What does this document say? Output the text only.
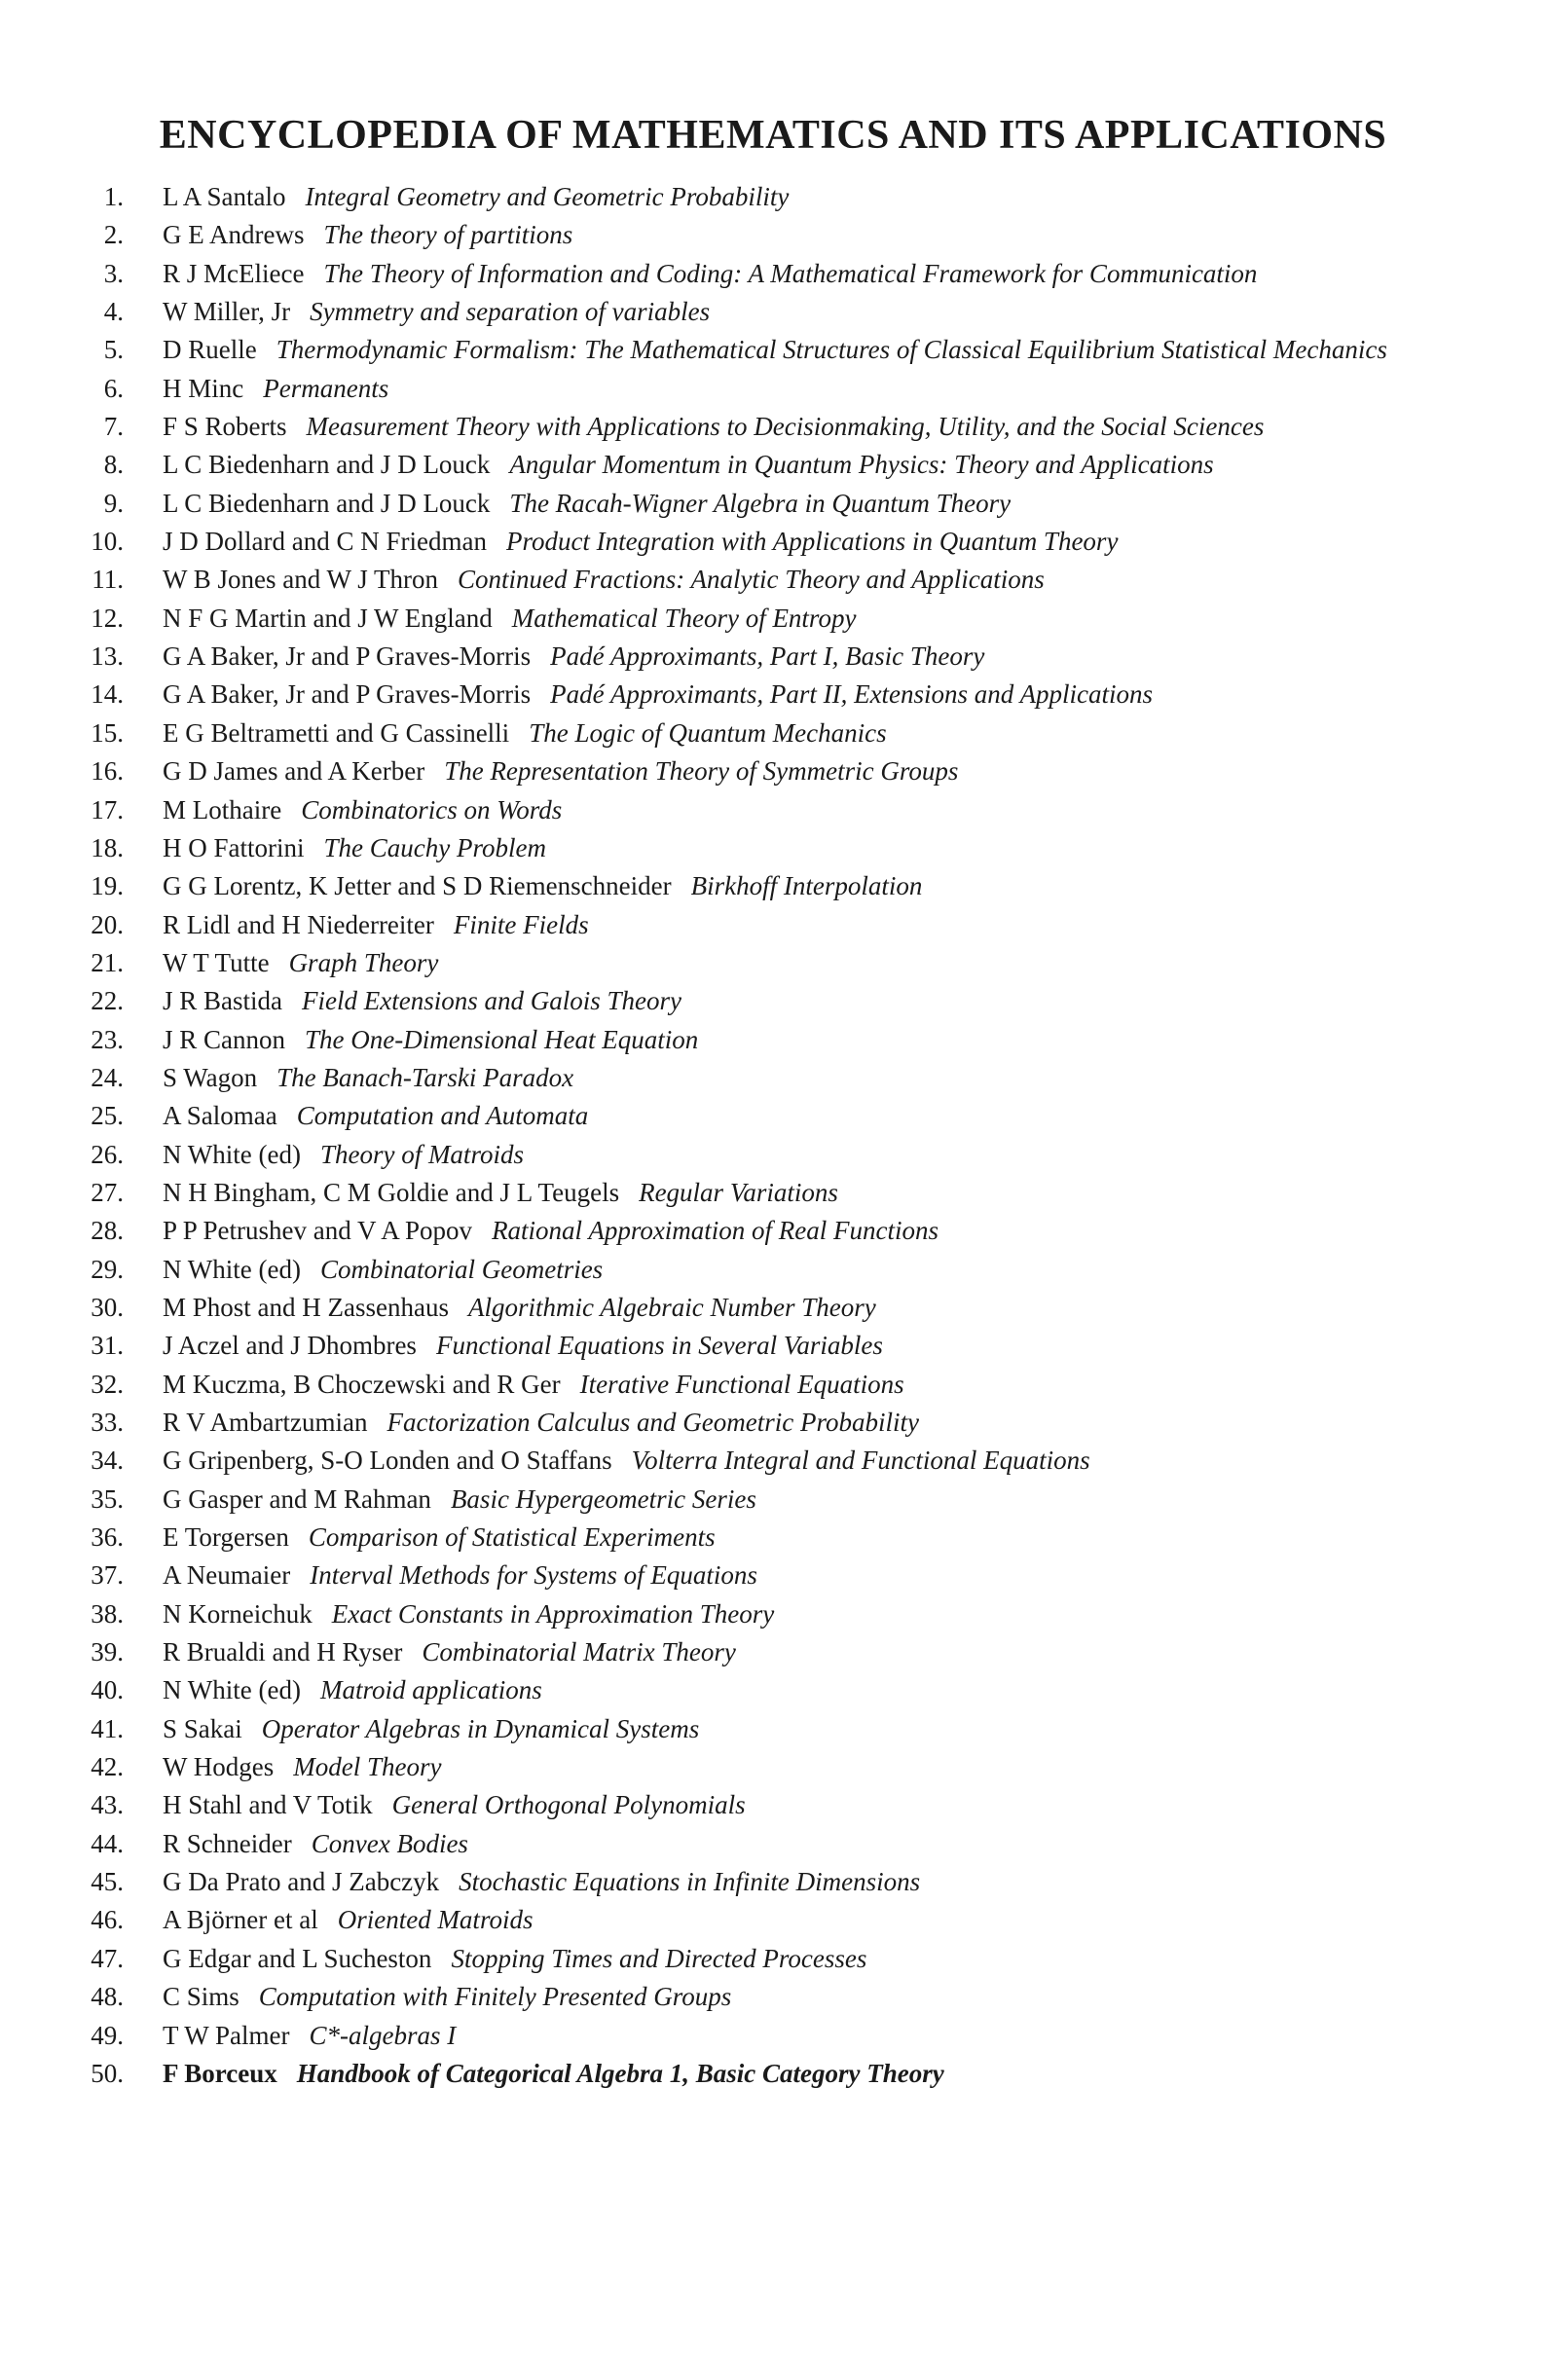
ENCYCLOPEDIA OF MATHEMATICS AND ITS APPLICATIONS
1. L A Santalo Integral Geometry and Geometric Probability
2. G E Andrews The theory of partitions
3. R J McEliece The Theory of Information and Coding: A Mathematical Framework for Communication
4. W Miller, Jr Symmetry and separation of variables
5. D Ruelle Thermodynamic Formalism: The Mathematical Structures of Classical Equilibrium Statistical Mechanics
6. H Minc Permanents
7. F S Roberts Measurement Theory with Applications to Decisionmaking, Utility, and the Social Sciences
8. L C Biedenharn and J D Louck Angular Momentum in Quantum Physics: Theory and Applications
9. L C Biedenharn and J D Louck The Racah-Wigner Algebra in Quantum Theory
10. J D Dollard and C N Friedman Product Integration with Applications in Quantum Theory
11. W B Jones and W J Thron Continued Fractions: Analytic Theory and Applications
12. N F G Martin and J W England Mathematical Theory of Entropy
13. G A Baker, Jr and P Graves-Morris Padé Approximants, Part I, Basic Theory
14. G A Baker, Jr and P Graves-Morris Padé Approximants, Part II, Extensions and Applications
15. E G Beltrametti and G Cassinelli The Logic of Quantum Mechanics
16. G D James and A Kerber The Representation Theory of Symmetric Groups
17. M Lothaire Combinatorics on Words
18. H O Fattorini The Cauchy Problem
19. G G Lorentz, K Jetter and S D Riemenschneider Birkhoff Interpolation
20. R Lidl and H Niederreiter Finite Fields
21. W T Tutte Graph Theory
22. J R Bastida Field Extensions and Galois Theory
23. J R Cannon The One-Dimensional Heat Equation
24. S Wagon The Banach-Tarski Paradox
25. A Salomaa Computation and Automata
26. N White (ed) Theory of Matroids
27. N H Bingham, C M Goldie and J L Teugels Regular Variations
28. P P Petrushev and V A Popov Rational Approximation of Real Functions
29. N White (ed) Combinatorial Geometries
30. M Phost and H Zassenhaus Algorithmic Algebraic Number Theory
31. J Aczel and J Dhombres Functional Equations in Several Variables
32. M Kuczma, B Choczewski and R Ger Iterative Functional Equations
33. R V Ambartzumian Factorization Calculus and Geometric Probability
34. G Gripenberg, S-O Londen and O Staffans Volterra Integral and Functional Equations
35. G Gasper and M Rahman Basic Hypergeometric Series
36. E Torgersen Comparison of Statistical Experiments
37. A Neumaier Interval Methods for Systems of Equations
38. N Korneichuk Exact Constants in Approximation Theory
39. R Brualdi and H Ryser Combinatorial Matrix Theory
40. N White (ed) Matroid applications
41. S Sakai Operator Algebras in Dynamical Systems
42. W Hodges Model Theory
43. H Stahl and V Totik General Orthogonal Polynomials
44. R Schneider Convex Bodies
45. G Da Prato and J Zabczyk Stochastic Equations in Infinite Dimensions
46. A Björner et al Oriented Matroids
47. G Edgar and L Sucheston Stopping Times and Directed Processes
48. C Sims Computation with Finitely Presented Groups
49. T W Palmer C*-algebras I
50. F Borceux Handbook of Categorical Algebra 1, Basic Category Theory
